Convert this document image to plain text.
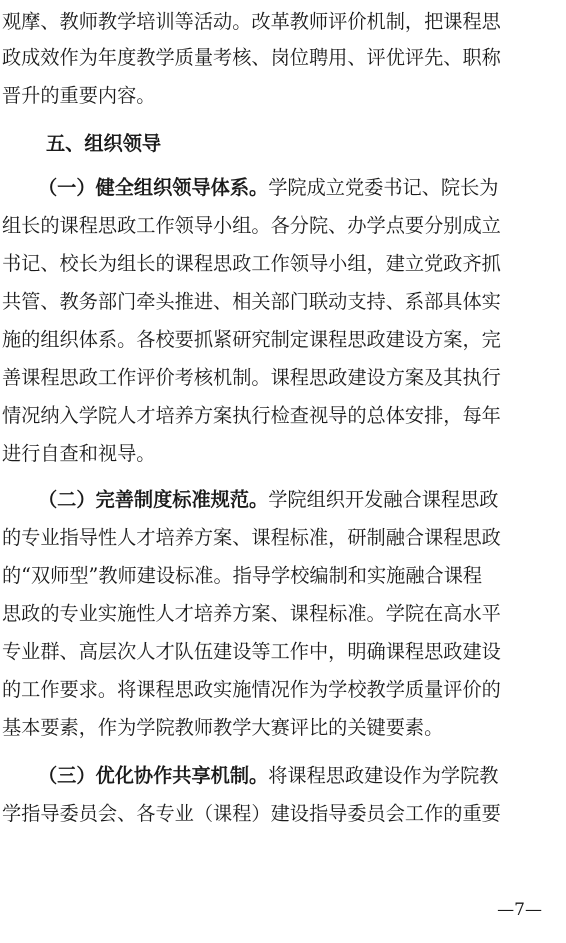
观摩、教师教学培训等活动。改革教师评价机制，把课程思
政成效作为年度教学质量考核、岗位聘用、评优评先、职称
晋升的重要内容。
五、组织领导
（一）健全组织领导体系。学院成立党委书记、院长为
组长的课程思政工作领导小组。各分院、办学点要分别成立
书记、校长为组长的课程思政工作领导小组，建立党政齐抓
共管、教务部门牵头推进、相关部门联动支持、系部具体实
施的组织体系。各校要抓紧研究制定课程思政建设方案，完
善课程思政工作评价考核机制。课程思政建设方案及其执行
情况纳入学院人才培养方案执行检查视导的总体安排，每年
进行自查和视导。
（二）完善制度标准规范。学院组织开发融合课程思政
的专业指导性人才培养方案、课程标准，研制融合课程思政
的“双师型”教师建设标准。指导学校编制和实施融合课程
思政的专业实施性人才培养方案、课程标准。学院在高水平
专业群、高层次人才队伍建设等工作中，明确课程思政建设
的工作要求。将课程思政实施情况作为学校教学质量评价的
基本要素，作为学院教师教学大赛评比的关键要素。
（三）优化协作共享机制。将课程思政建设作为学院教
学指导委员会、各专业（课程）建设指导委员会工作的重要
—7—
